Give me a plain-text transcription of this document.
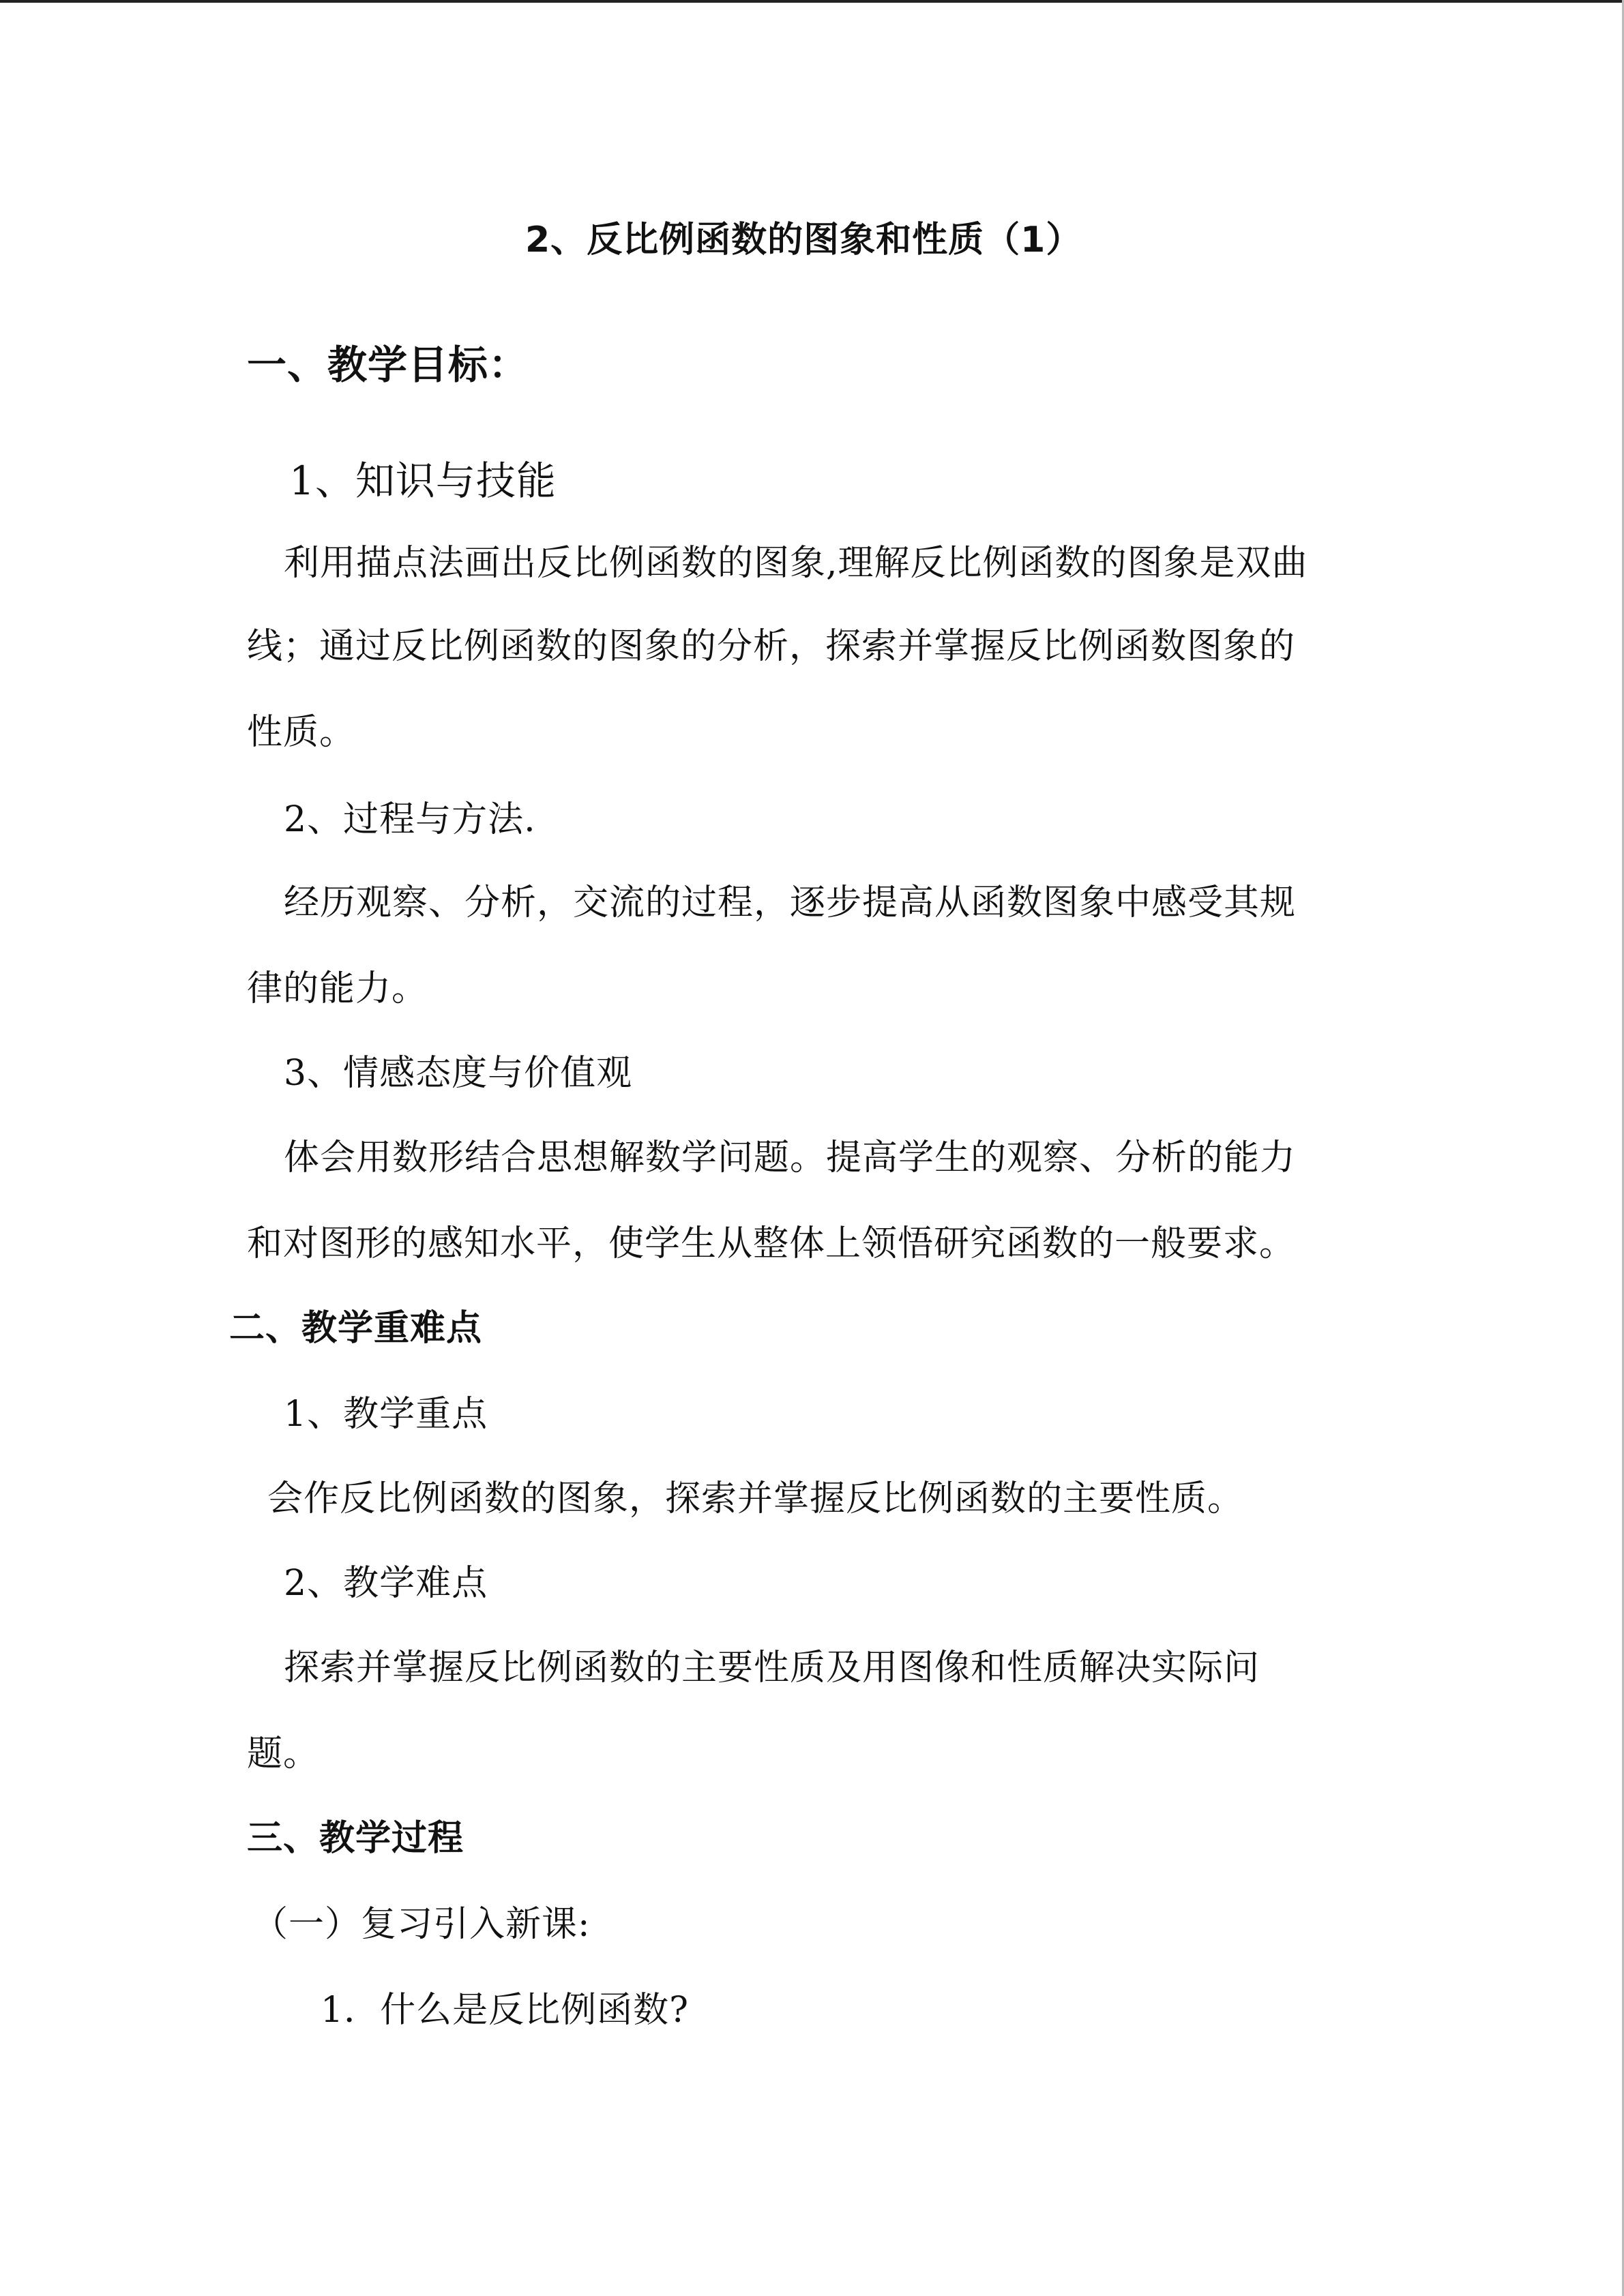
2、反比例函数的图象和性质（1）
一、教学目标：
1、知识与技能
利用描点法画出反比例函数的图象,理解反比例函数的图象是双曲
线；通过反比例函数的图象的分析，探索并掌握反比例函数图象的
性质。
2、过程与方法.
经历观察、分析，交流的过程，逐步提高从函数图象中感受其规
律的能力。
3、情感态度与价值观
体会用数形结合思想解数学问题。提高学生的观察、分析的能力
和对图形的感知水平，使学生从整体上领悟研究函数的一般要求。
二、教学重难点
1、教学重点
会作反比例函数的图象，探索并掌握反比例函数的主要性质。
2、教学难点
探索并掌握反比例函数的主要性质及用图像和性质解决实际问
题。
三、教学过程
（一）复习引入新课:
1．什么是反比例函数?
